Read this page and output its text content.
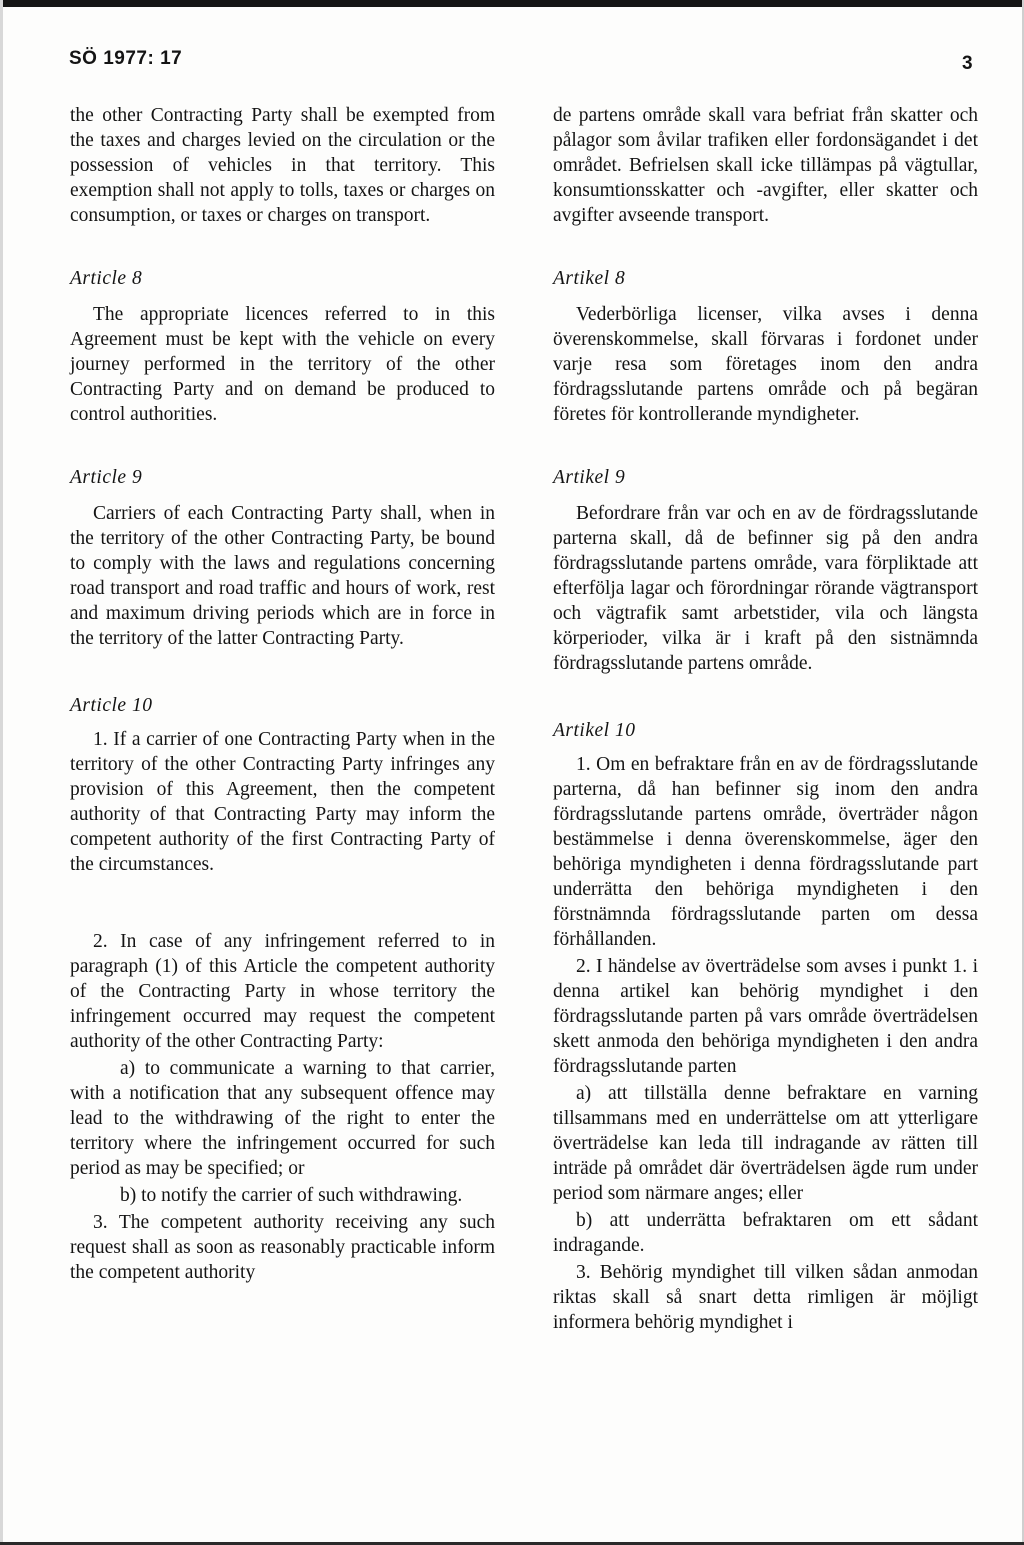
SÖ 1977: 17	3

the other Contracting Party shall be exempted from the taxes and charges levied on the circulation or the possession of vehicles in that territory. This exemption shall not apply to tolls, taxes or charges on consumption, or taxes or charges on transport.

Article 8

The appropriate licences referred to in this Agreement must be kept with the vehicle on every journey performed in the territory of the other Contracting Party and on demand be produced to control authorities.

Article 9

Carriers of each Contracting Party shall, when in the territory of the other Contracting Party, be bound to comply with the laws and regulations concerning road transport and road traffic and hours of work, rest and maximum driving periods which are in force in the territory of the latter Contracting Party.

Article 10

1. If a carrier of one Contracting Party when in the territory of the other Contracting Party infringes any provision of this Agreement, then the competent authority of that Contracting Party may inform the competent authority of the first Contracting Party of the circumstances.

2. In case of any infringement referred to in paragraph (1) of this Article the competent authority of the Contracting Party in whose territory the infringement occurred may request the competent authority of the other Contracting Party:

a) to communicate a warning to that carrier, with a notification that any subsequent offence may lead to the withdrawing of the right to enter the territory where the infringement occurred for such period as may be specified; or

b) to notify the carrier of such withdrawing.

3. The competent authority receiving any such request shall as soon as reasonably practicable inform the competent authority

de partens område skall vara befriat från skatter och pålagor som åvilar trafiken eller fordonsägandet i det området. Befrielsen skall icke tillämpas på vägtullar, konsumtionsskatter och -avgifter, eller skatter och avgifter avseende transport.

Artikel 8

Vederbörliga licenser, vilka avses i denna överenskommelse, skall förvaras i fordonet under varje resa som företages inom den andra fördragsslutande partens område och på begäran företes för kontrollerande myndigheter.

Artikel 9

Befordrare från var och en av de fördragsslutande parterna skall, då de befinner sig på den andra fördragsslutande partens område, vara förpliktade att efterfölja lagar och förordningar rörande vägtransport och vägtrafik samt arbetstider, vila och längsta körperioder, vilka är i kraft på den sistnämnda fördragsslutande partens område.

Artikel 10

1. Om en befraktare från en av de fördragsslutande parterna, då han befinner sig inom den andra fördragsslutande partens område, överträder någon bestämmelse i denna överenskommelse, äger den behöriga myndigheten i denna fördragsslutande part underrätta den behöriga myndigheten i den förstnämnda fördragsslutande parten om dessa förhållanden.

2. I händelse av överträdelse som avses i punkt 1. i denna artikel kan behörig myndighet i den fördragsslutande parten på vars område överträdelsen skett anmoda den behöriga myndigheten i den andra fördragsslutande parten

a) att tillställa denne befraktare en varning tillsammans med en underrättelse om att ytterligare överträdelse kan leda till indragande av rätten till inträde på området där överträdelsen ägde rum under period som närmare anges; eller

b) att underrätta befraktaren om ett sådant indragande.

3. Behörig myndighet till vilken sådan anmodan riktas skall så snart detta rimligen är möjligt informera behörig myndighet i
